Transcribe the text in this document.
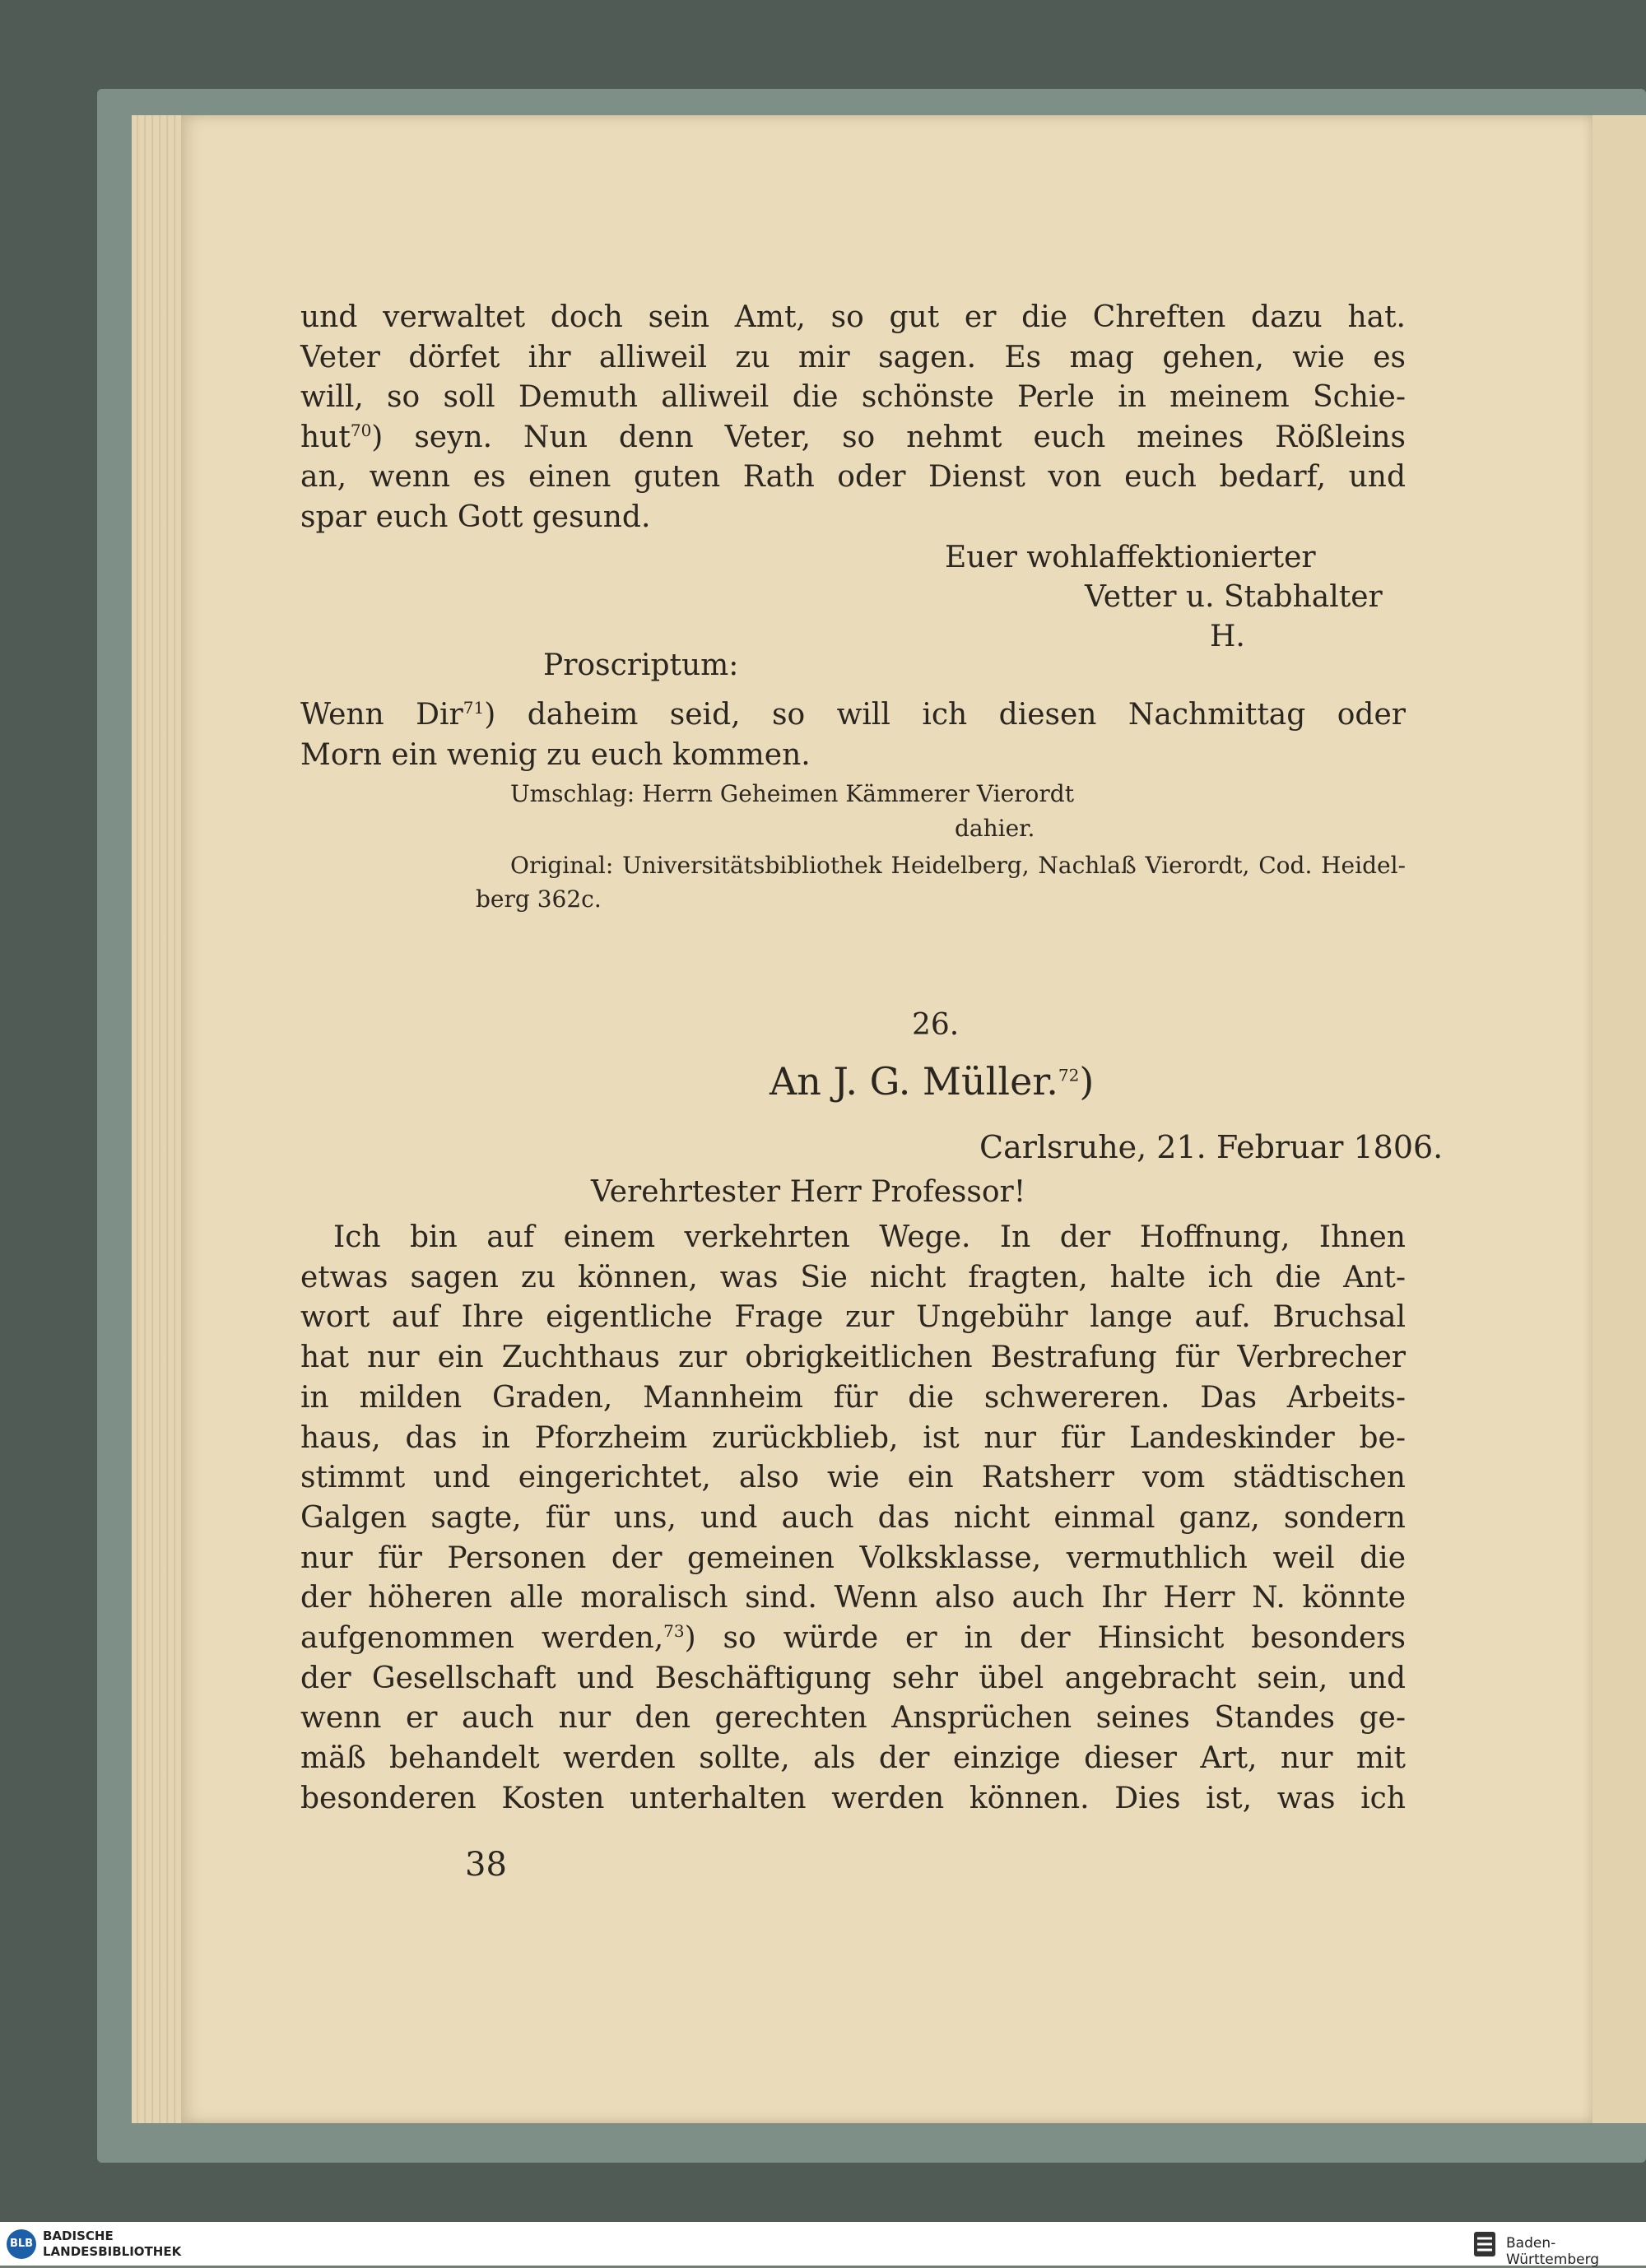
und verwaltet doch sein Amt, so gut er die Chreften dazu hat.
Veter dörfet ihr alliweil zu mir sagen. Es mag gehen, wie es
will, so soll Demuth alliweil die schönste Perle in meinem Schie-
hut$^{70}$) seyn. Nun denn Veter, so nehmt euch meines Rößleins
an, wenn es einen guten Rath oder Dienst von euch bedarf, und
spar euch Gott gesund.
Euer wohlaffektionierter
Vetter u. Stabhalter
H.
Proscriptum:
Wenn Dir$^{71}$) daheim seid, so will ich diesen Nachmittag oder
Morn ein wenig zu euch kommen.
Umschlag: Herrn Geheimen Kämmerer Vierordt
dahier.
Original: Universitätsbibliothek Heidelberg, Nachlaß Vierordt, Cod. Heidel-
berg 362c.
26.
An J. G. Müller.$^{72}$)
Carlsruhe, 21. Februar 1806.
Verehrtester Herr Professor!
Ich bin auf einem verkehrten Wege. In der Hoffnung, Ihnen
etwas sagen zu können, was Sie nicht fragten, halte ich die Ant-
wort auf Ihre eigentliche Frage zur Ungebühr lange auf. Bruchsal
hat nur ein Zuchthaus zur obrigkeitlichen Bestrafung für Verbrecher
in milden Graden, Mannheim für die schwereren. Das Arbeits-
haus, das in Pforzheim zurückblieb, ist nur für Landeskinder be-
stimmt und eingerichtet, also wie ein Ratsherr vom städtischen
Galgen sagte, für uns, und auch das nicht einmal ganz, sondern
nur für Personen der gemeinen Volksklasse, vermuthlich weil die
der höheren alle moralisch sind. Wenn also auch Ihr Herr N. könnte
aufgenommen werden,$^{73}$) so würde er in der Hinsicht besonders
der Gesellschaft und Beschäftigung sehr übel angebracht sein, und
wenn er auch nur den gerechten Ansprüchen seines Standes ge-
mäß behandelt werden sollte, als der einzige dieser Art, nur mit
besonderen Kosten unterhalten werden können. Dies ist, was ich
38
BLB
BADISCHE
LANDESBIBLIOTHEK	Baden-Württemberg
